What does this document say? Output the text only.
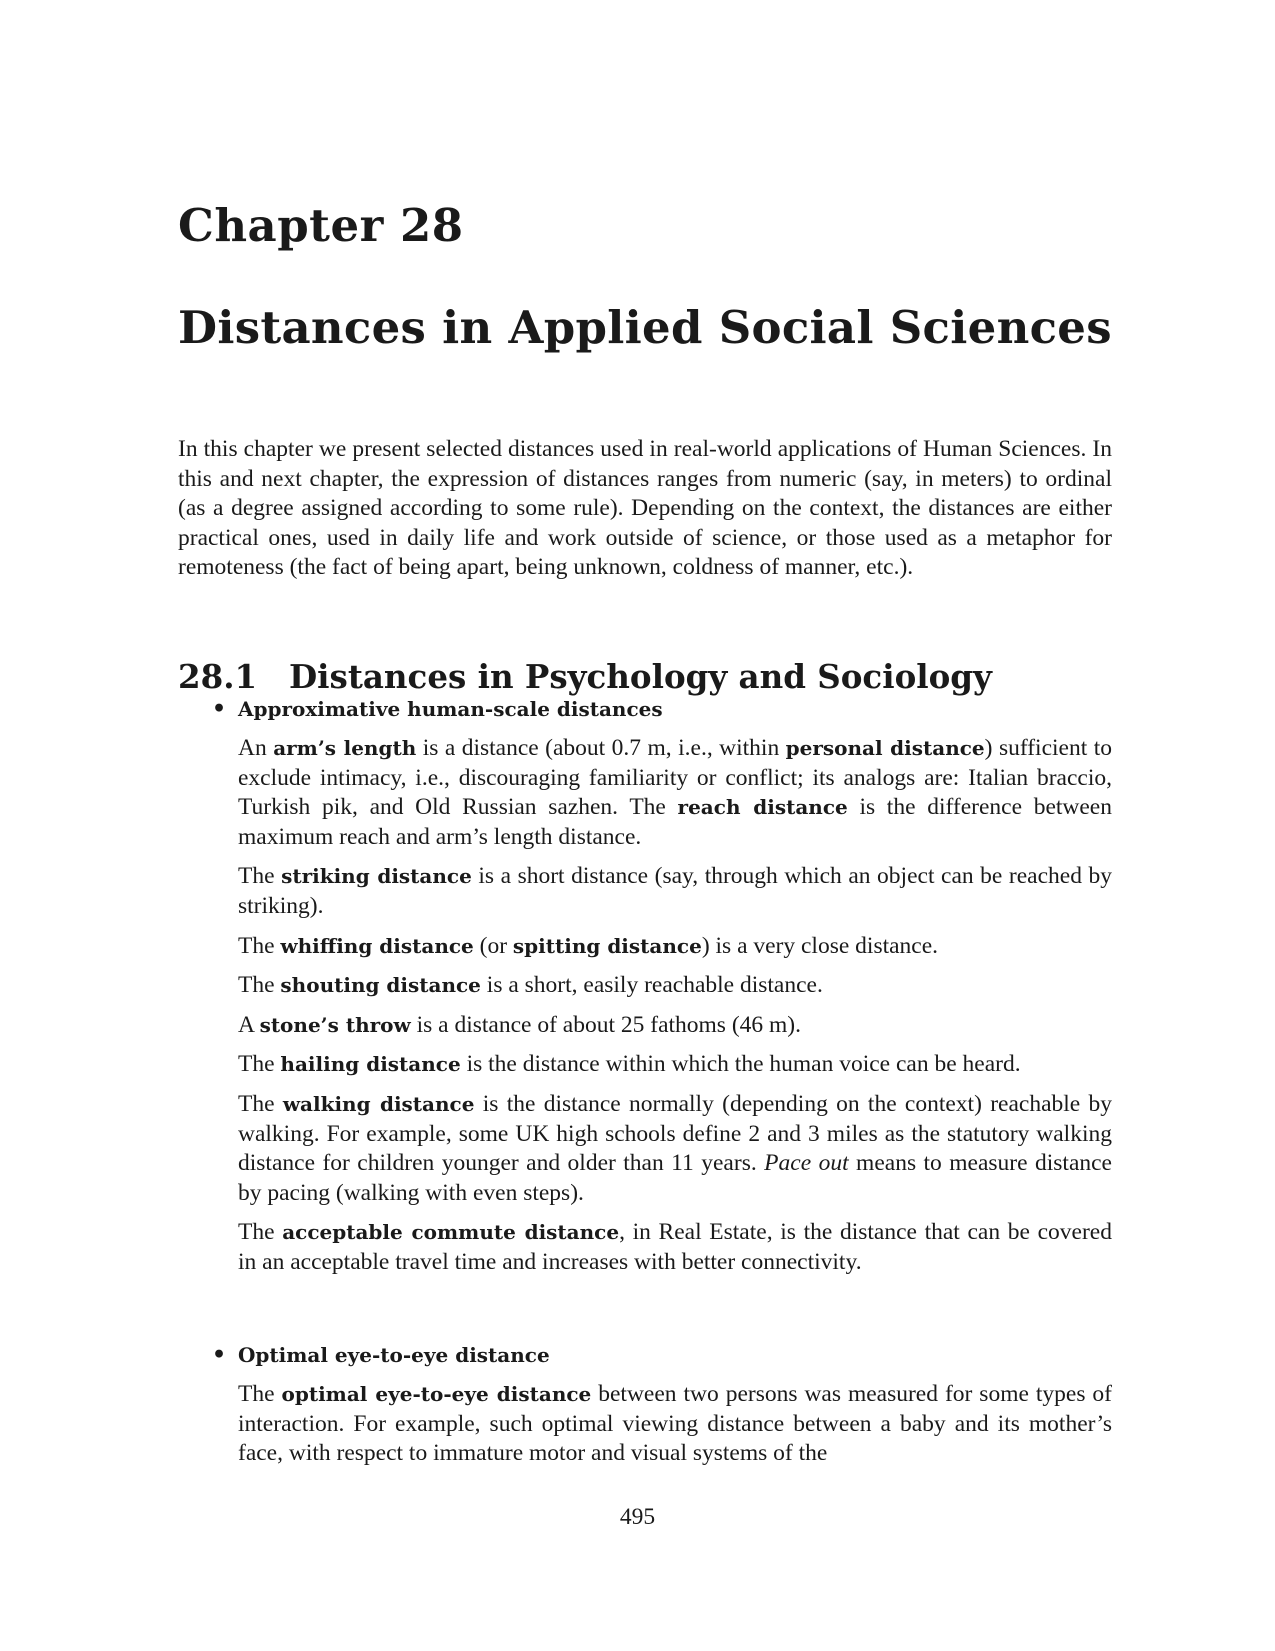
Chapter 28
Distances in Applied Social Sciences

In this chapter we present selected distances used in real-world applications of Human Sciences. In this and next chapter, the expression of distances ranges from numeric (say, in meters) to ordinal (as a degree assigned according to some rule). Depending on the context, the distances are either practical ones, used in daily life and work outside of science, or those used as a metaphor for remoteness (the fact of being apart, being unknown, coldness of manner, etc.).

28.1 Distances in Psychology and Sociology
• Approximative human-scale distances

An arm’s length is a distance (about 0.7 m, i.e., within personal distance) sufficient to exclude intimacy, i.e., discouraging familiarity or conflict; its analogs are: Italian braccio, Turkish pik, and Old Russian sazhen. The reach distance is the difference between maximum reach and arm’s length distance.

The striking distance is a short distance (say, through which an object can be reached by striking).

The whiffing distance (or spitting distance) is a very close distance.

The shouting distance is a short, easily reachable distance.

A stone’s throw is a distance of about 25 fathoms (46 m).

The hailing distance is the distance within which the human voice can be heard.

The walking distance is the distance normally (depending on the context) reachable by walking. For example, some UK high schools define 2 and 3 miles as the statutory walking distance for children younger and older than 11 years. Pace out means to measure distance by pacing (walking with even steps).

The acceptable commute distance, in Real Estate, is the distance that can be covered in an acceptable travel time and increases with better connectivity.

• Optimal eye-to-eye distance

The optimal eye-to-eye distance between two persons was measured for some types of interaction. For example, such optimal viewing distance between a baby and its mother’s face, with respect to immature motor and visual systems of the

495
